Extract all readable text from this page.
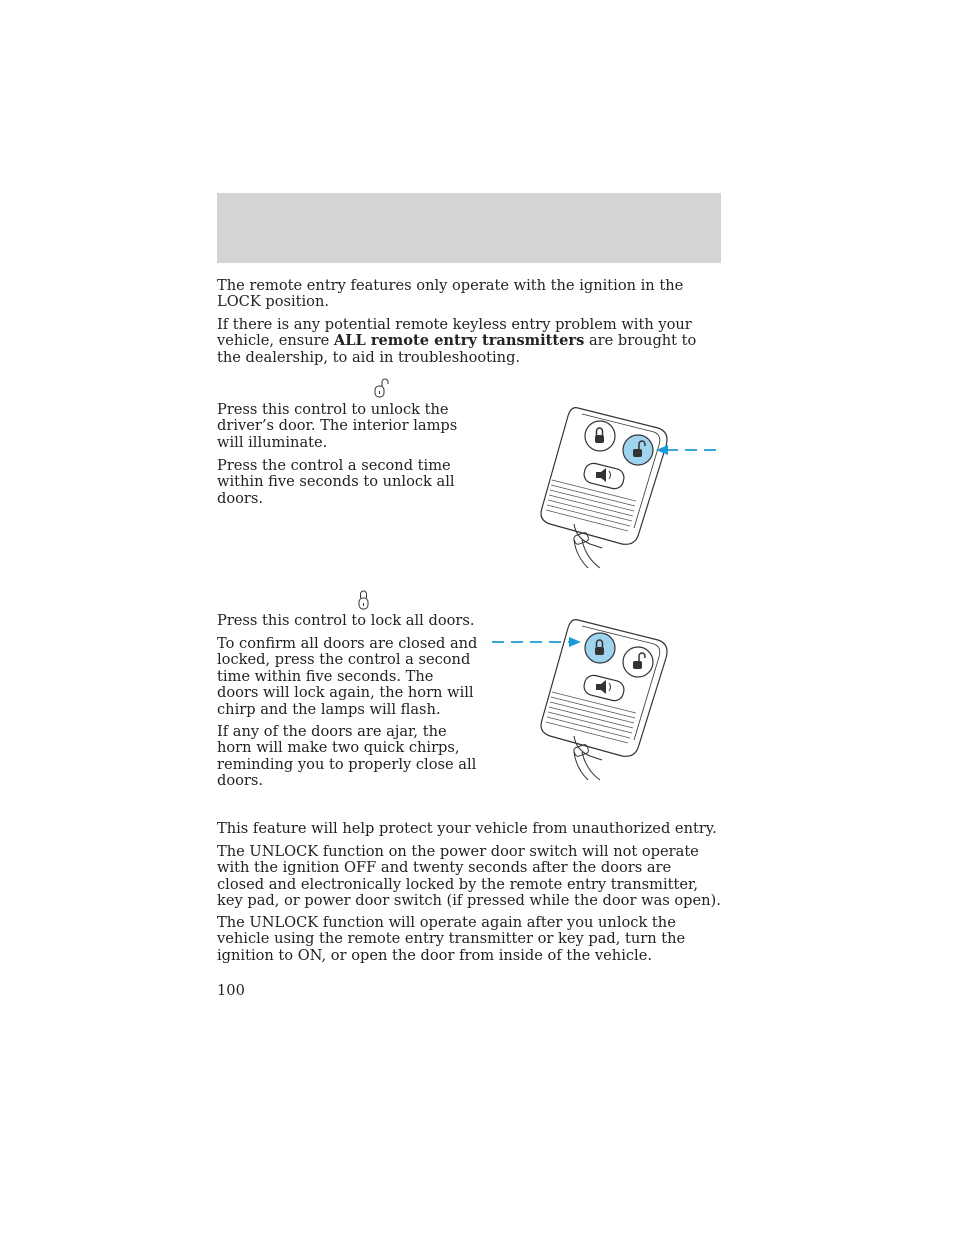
The remote entry features only operate with the ignition in the LOCK position.

If there is any potential remote keyless entry problem with your vehicle, ensure ALL remote entry transmitters are brought to the dealership, to aid in troubleshooting.

Press this control to unlock the driver’s door. The interior lamps will illuminate.

Press the control a second time within five seconds to unlock all doors.

Press this control to lock all doors.

To confirm all doors are closed and locked, press the control a second time within five seconds. The doors will lock again, the horn will chirp and the lamps will flash.

If any of the doors are ajar, the horn will make two quick chirps, reminding you to properly close all doors.

This feature will help protect your vehicle from unauthorized entry.

The UNLOCK function on the power door switch will not operate with the ignition OFF and twenty seconds after the doors are closed and electronically locked by the remote entry transmitter, key pad, or power door switch (if pressed while the door was open).

The UNLOCK function will operate again after you unlock the vehicle using the remote entry transmitter or key pad, turn the ignition to ON, or open the door from inside of the vehicle.

100
